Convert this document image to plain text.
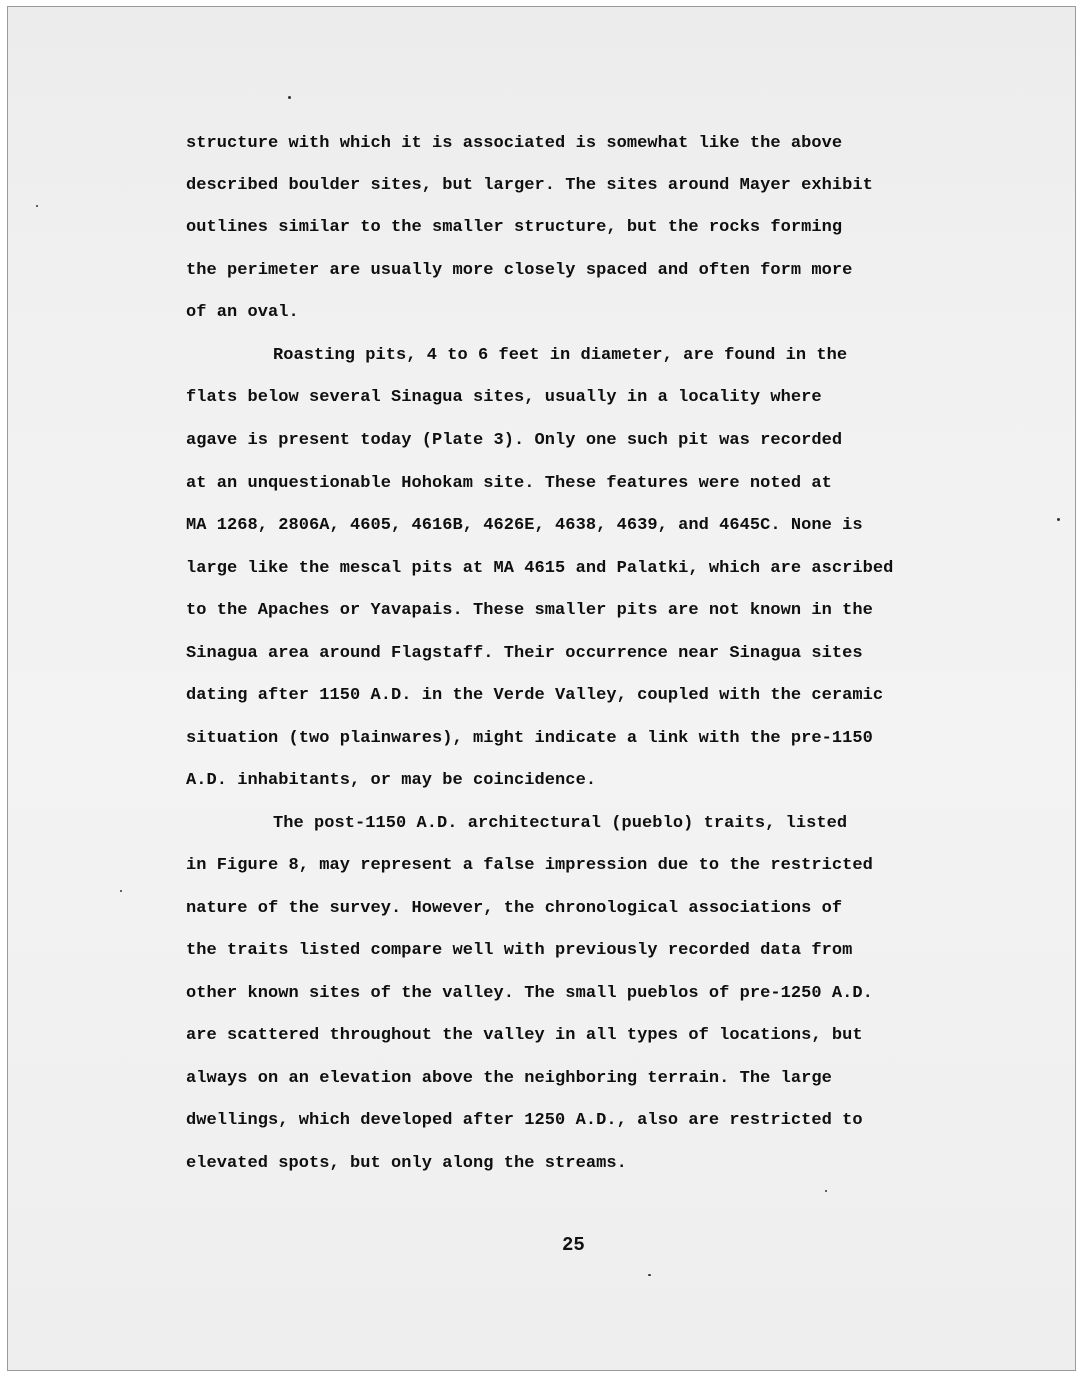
structure with which it is associated is somewhat like the above
described boulder sites, but larger. The sites around Mayer exhibit
outlines similar to the smaller structure, but the rocks forming
the perimeter are usually more closely spaced and often form more
of an oval.
Roasting pits, 4 to 6 feet in diameter, are found in the
flats below several Sinagua sites, usually in a locality where
agave is present today (Plate 3). Only one such pit was recorded
at an unquestionable Hohokam site. These features were noted at
MA 1268, 2806A, 4605, 4616B, 4626E, 4638, 4639, and 4645C. None is
large like the mescal pits at MA 4615 and Palatki, which are ascribed
to the Apaches or Yavapais. These smaller pits are not known in the
Sinagua area around Flagstaff. Their occurrence near Sinagua sites
dating after 1150 A.D. in the Verde Valley, coupled with the ceramic
situation (two plainwares), might indicate a link with the pre-1150
A.D. inhabitants, or may be coincidence.
The post-1150 A.D. architectural (pueblo) traits, listed
in Figure 8, may represent a false impression due to the restricted
nature of the survey. However, the chronological associations of
the traits listed compare well with previously recorded data from
other known sites of the valley. The small pueblos of pre-1250 A.D.
are scattered throughout the valley in all types of locations, but
always on an elevation above the neighboring terrain. The large
dwellings, which developed after 1250 A.D., also are restricted to
elevated spots, but only along the streams.
25
